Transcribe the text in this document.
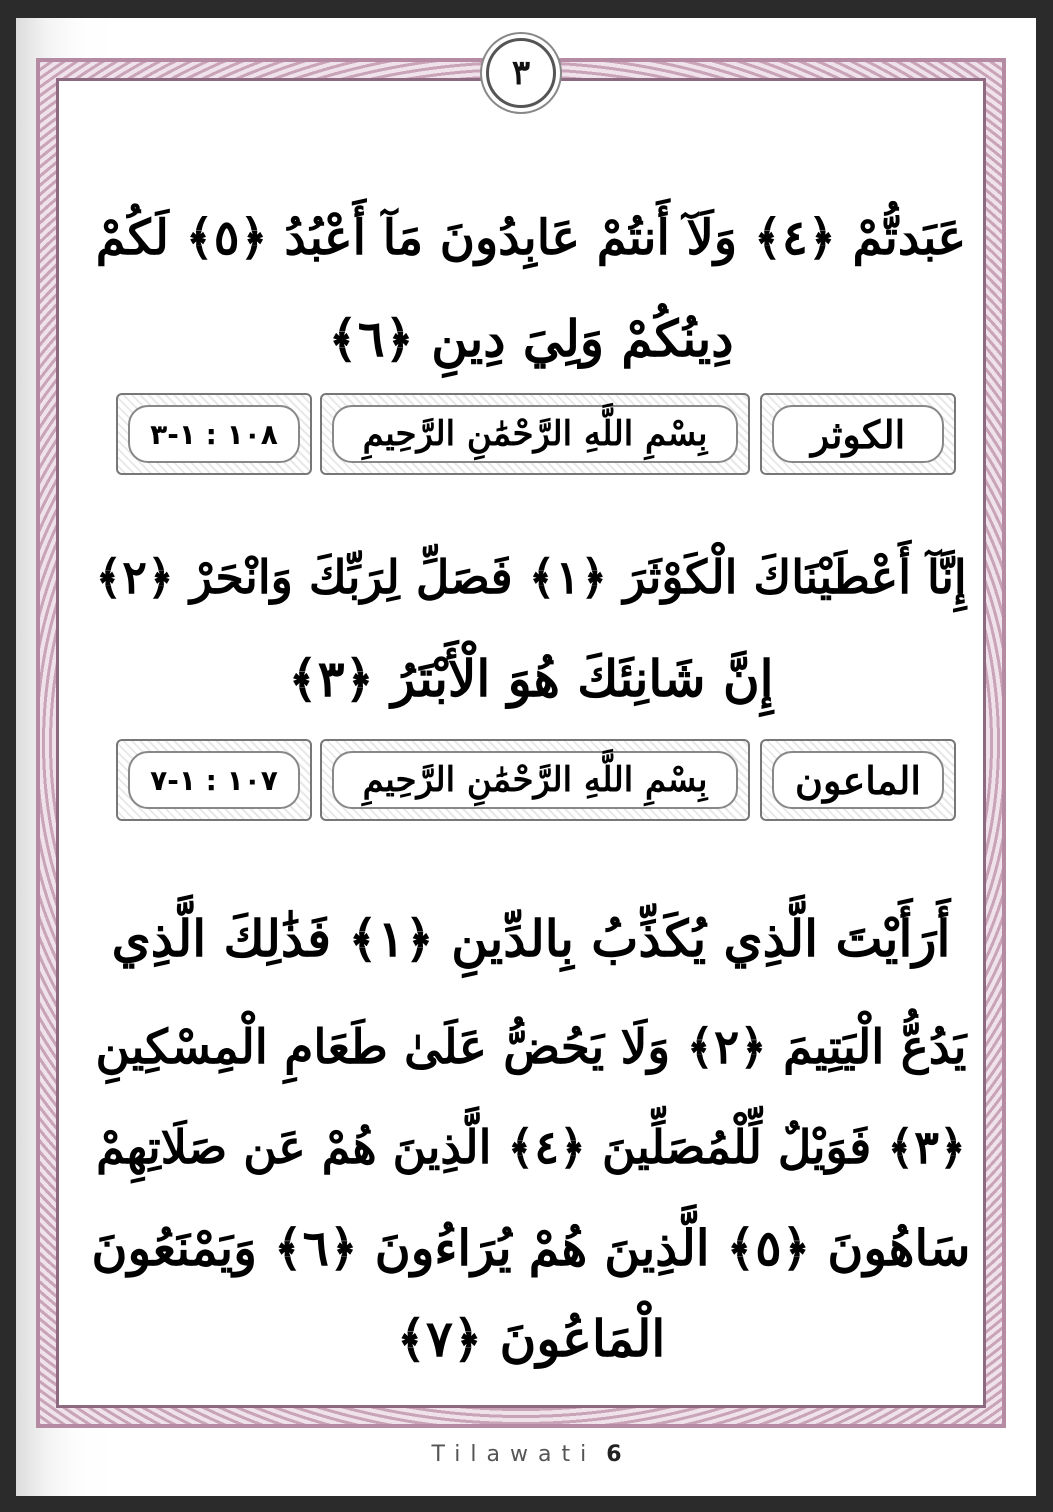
٣
عَبَدتُّمْ ﴿٤﴾ وَلَآ أَنتُمْ عَابِدُونَ مَآ أَعْبُدُ ﴿٥﴾ لَكُمْ
دِينُكُمْ وَلِيَ دِينِ ﴿٦﴾
١٠٨ : ١-٣	بِسْمِ اللَّهِ الرَّحْمَٰنِ الرَّحِيمِ	الكوثر
إِنَّآ أَعْطَيْنَاكَ الْكَوْثَرَ ﴿١﴾ فَصَلِّ لِرَبِّكَ وَانْحَرْ ﴿٢﴾
إِنَّ شَانِئَكَ هُوَ الْأَبْتَرُ ﴿٣﴾
١٠٧ : ١-٧	بِسْمِ اللَّهِ الرَّحْمَٰنِ الرَّحِيمِ	الماعون
أَرَأَيْتَ الَّذِي يُكَذِّبُ بِالدِّينِ ﴿١﴾ فَذَٰلِكَ الَّذِي
يَدُعُّ الْيَتِيمَ ﴿٢﴾ وَلَا يَحُضُّ عَلَىٰ طَعَامِ الْمِسْكِينِ
﴿٣﴾ فَوَيْلٌ لِّلْمُصَلِّينَ ﴿٤﴾ الَّذِينَ هُمْ عَن صَلَاتِهِمْ
سَاهُونَ ﴿٥﴾ الَّذِينَ هُمْ يُرَاءُونَ ﴿٦﴾ وَيَمْنَعُونَ
الْمَاعُونَ ﴿٧﴾
Tilawati 6
